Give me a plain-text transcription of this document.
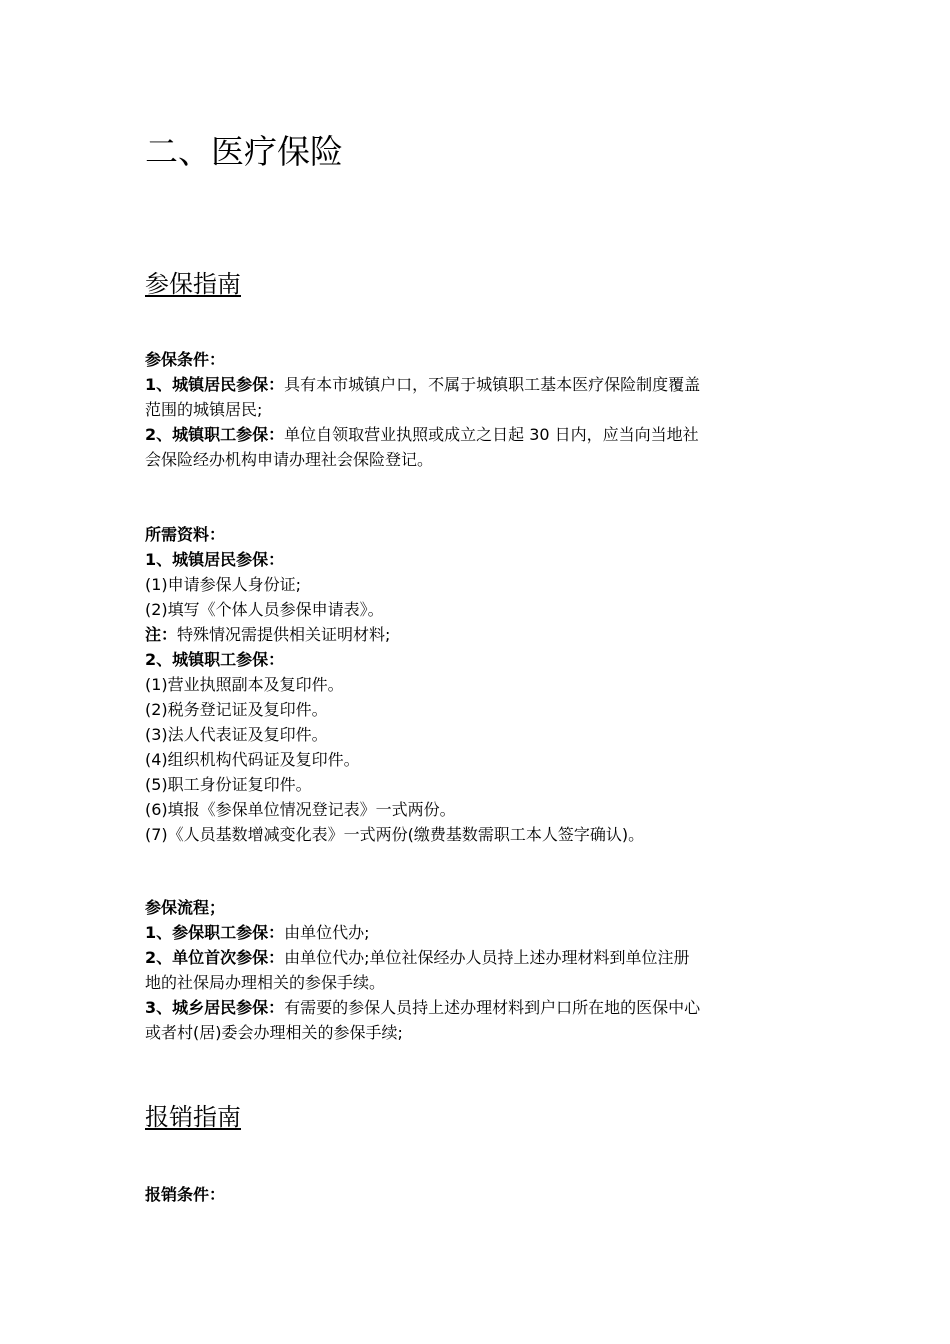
二、医疗保险
参保指南
参保条件：
1、城镇居民参保：具有本市城镇户口，不属于城镇职工基本医疗保险制度覆盖
范围的城镇居民;
2、城镇职工参保：单位自领取营业执照或成立之日起 30 日内，应当向当地社
会保险经办机构申请办理社会保险登记。
所需资料：
1、城镇居民参保：
(1)申请参保人身份证;
(2)填写《个体人员参保申请表》。
注：特殊情况需提供相关证明材料;
2、城镇职工参保：
(1)营业执照副本及复印件。
(2)税务登记证及复印件。
(3)法人代表证及复印件。
(4)组织机构代码证及复印件。
(5)职工身份证复印件。
(6)填报《参保单位情况登记表》一式两份。
(7)《人员基数增减变化表》一式两份(缴费基数需职工本人签字确认)。
参保流程；
1、参保职工参保：由单位代办;
2、单位首次参保：由单位代办;单位社保经办人员持上述办理材料到单位注册
地的社保局办理相关的参保手续。
3、城乡居民参保：有需要的参保人员持上述办理材料到户口所在地的医保中心
或者村(居)委会办理相关的参保手续;
报销指南
报销条件：
